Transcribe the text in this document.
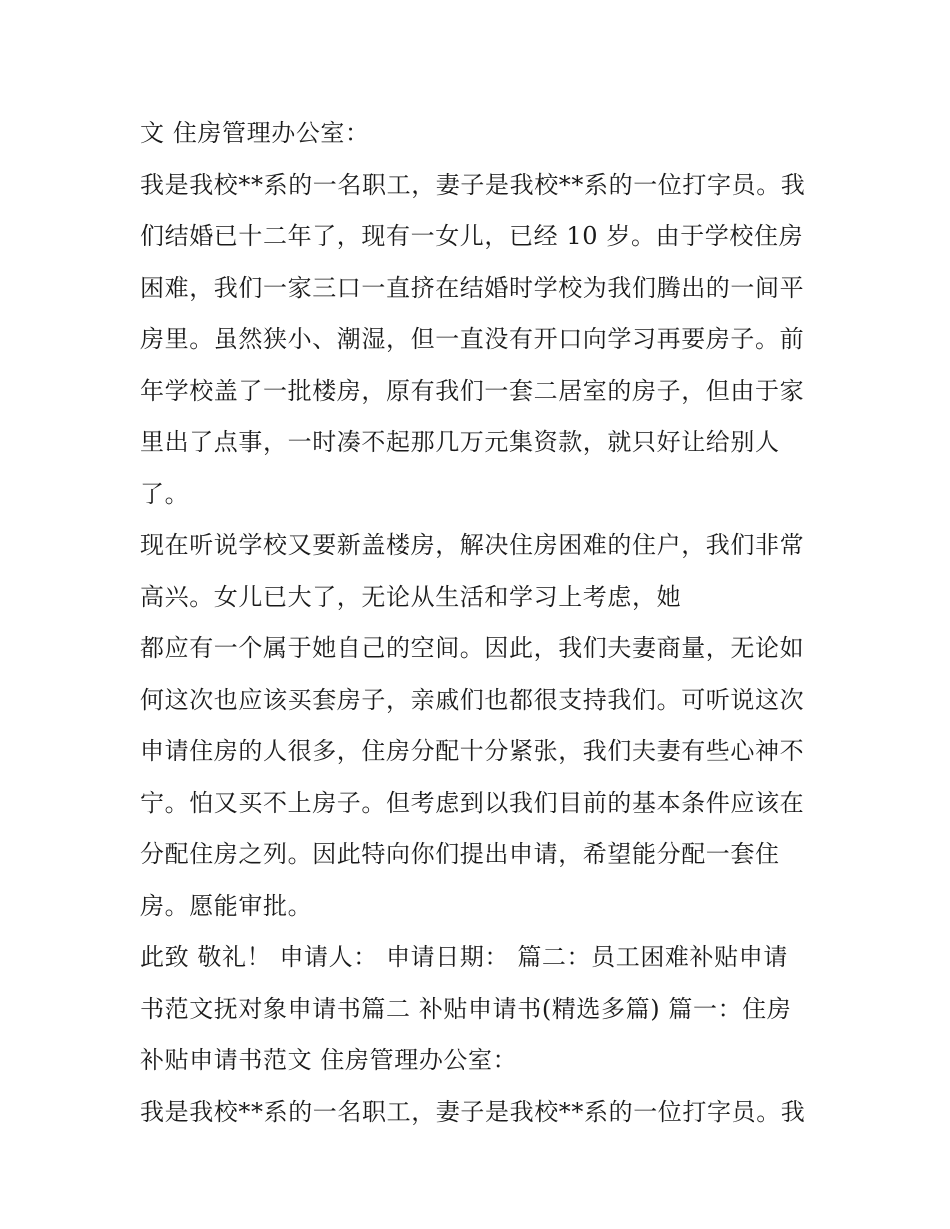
文 住房管理办公室：
我是我校**系的一名职工，妻子是我校**系的一位打字员。我
们结婚已十二年了，现有一女儿，已经 10 岁。由于学校住房
困难，我们一家三口一直挤在结婚时学校为我们腾出的一间平
房里。虽然狭小、潮湿，但一直没有开口向学习再要房子。前
年学校盖了一批楼房，原有我们一套二居室的房子，但由于家
里出了点事，一时凑不起那几万元集资款，就只好让给别人
了。
现在听说学校又要新盖楼房，解决住房困难的住户，我们非常
高兴。女儿已大了，无论从生活和学习上考虑，她
都应有一个属于她自己的空间。因此，我们夫妻商量，无论如
何这次也应该买套房子，亲戚们也都很支持我们。可听说这次
申请住房的人很多，住房分配十分紧张，我们夫妻有些心神不
宁。怕又买不上房子。但考虑到以我们目前的基本条件应该在
分配住房之列。因此特向你们提出申请，希望能分配一套住
房。愿能审批。
此致 敬礼！ 申请人： 申请日期： 篇二：员工困难补贴申请
书范文抚对象申请书篇二 补贴申请书(精选多篇) 篇一：住房
补贴申请书范文 住房管理办公室：
我是我校**系的一名职工，妻子是我校**系的一位打字员。我
